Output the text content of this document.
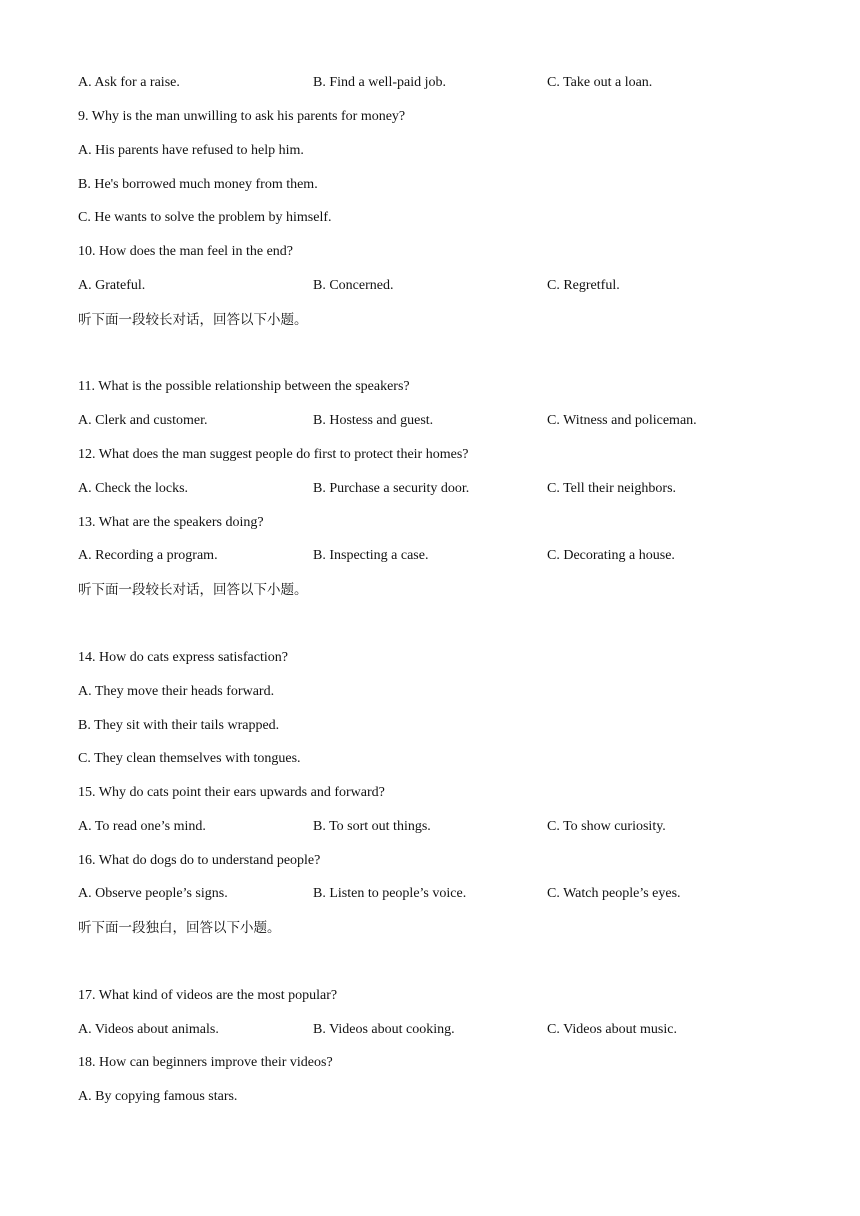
A. Ask for a raise.	B. Find a well-paid job.	C. Take out a loan.
9. Why is the man unwilling to ask his parents for money?
A. His parents have refused to help him.
B. He's borrowed much money from them.
C. He wants to solve the problem by himself.
10. How does the man feel in the end?
A. Grateful.	B. Concerned.	C. Regretful.
听下面一段较长对话，回答以下小题。
11. What is the possible relationship between the speakers?
A. Clerk and customer.	B. Hostess and guest.	C. Witness and policeman.
12. What does the man suggest people do first to protect their homes?
A. Check the locks.	B. Purchase a security door.	C. Tell their neighbors.
13. What are the speakers doing?
A. Recording a program.	B. Inspecting a case.	C. Decorating a house.
听下面一段较长对话，回答以下小题。
14. How do cats express satisfaction?
A. They move their heads forward.
B. They sit with their tails wrapped.
C. They clean themselves with tongues.
15. Why do cats point their ears upwards and forward?
A. To read one’s mind.	B. To sort out things.	C. To show curiosity.
16. What do dogs do to understand people?
A. Observe people’s signs.	B. Listen to people’s voice.	C. Watch people’s eyes.
听下面一段独白，回答以下小题。
17. What kind of videos are the most popular?
A. Videos about animals.	B. Videos about cooking.	C. Videos about music.
18. How can beginners improve their videos?
A. By copying famous stars.
